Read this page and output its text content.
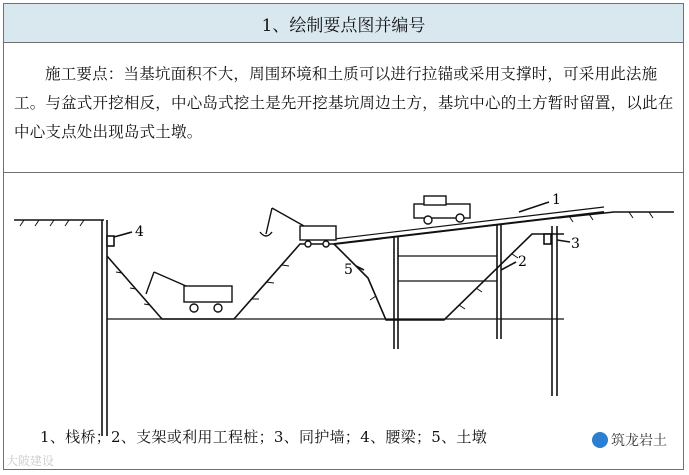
1、绘制要点图并编号

施工要点：当基坑面积不大，周围环境和土质可以进行拉锚或采用支撑时，可采用此法施工。与盆式开挖相反，中心岛式挖土是先开挖基坑周边土方，基坑中心的土方暂时留置，以此在中心支点处出现岛式土墩。

4
1
2
3
5
1、栈桥；2、支架或利用工程桩；3、同护墙；4、腰梁；5、土墩
大陂建设
筑龙岩土
